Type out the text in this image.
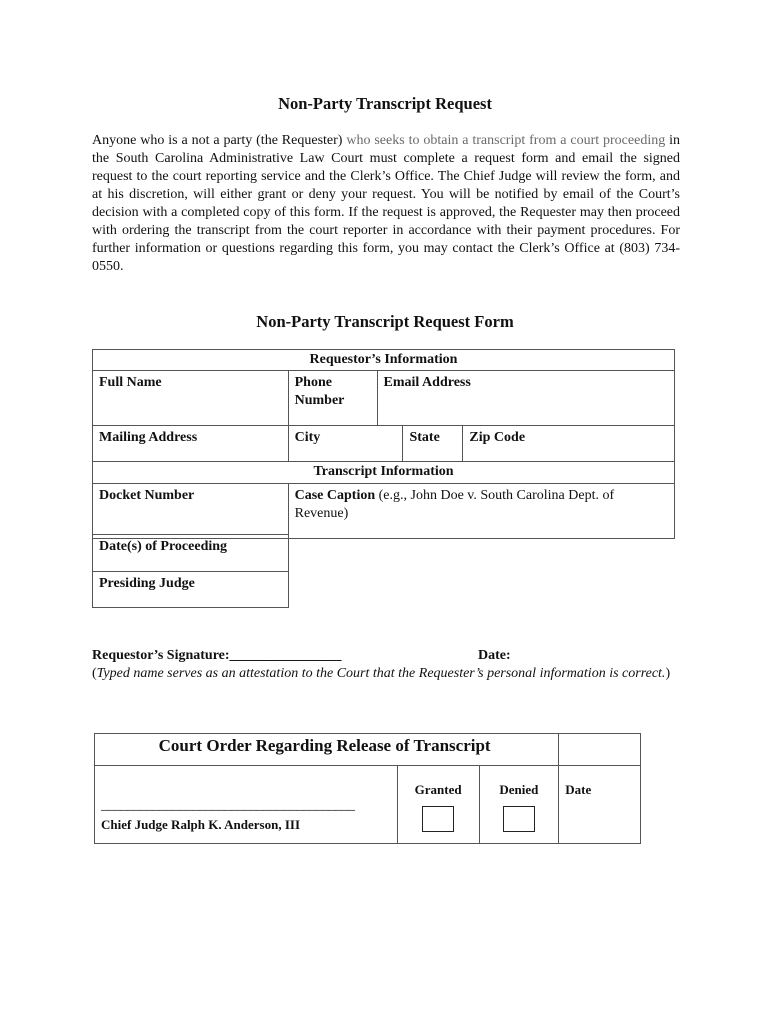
Non-Party Transcript Request

Anyone who is a not a party (the Requester) who seeks to obtain a transcript from a court proceeding in the South Carolina Administrative Law Court must complete a request form and email the signed request to the court reporting service and the Clerk’s Office. The Chief Judge will review the form, and at his discretion, will either grant or deny your request. You will be notified by email of the Court’s decision with a completed copy of this form. If the request is approved, the Requester may then proceed with ordering the transcript from the court reporter in accordance with their payment procedures. For further information or questions regarding this form, you may contact the Clerk’s Office at (803) 734-0550.

Non-Party Transcript Request Form
Requestor’s Information				
Full Name	Phone Number	Email Address		
Mailing Address	City		State	Zip Code
Transcript Information				
Docket Number	Case Caption (e.g., John Doe v. South Carolina Dept. of Revenue)			
Date(s) of Proceeding
Presiding Judge
Requestor’s Signature:________________	Date:
(Typed name serves as an attestation to the Court that the Requester’s personal information is correct.)
Court Order Regarding Release of Transcript			

_______________________________________
Chief Judge Ralph K. Anderson, III	Granted	Denied	Date
